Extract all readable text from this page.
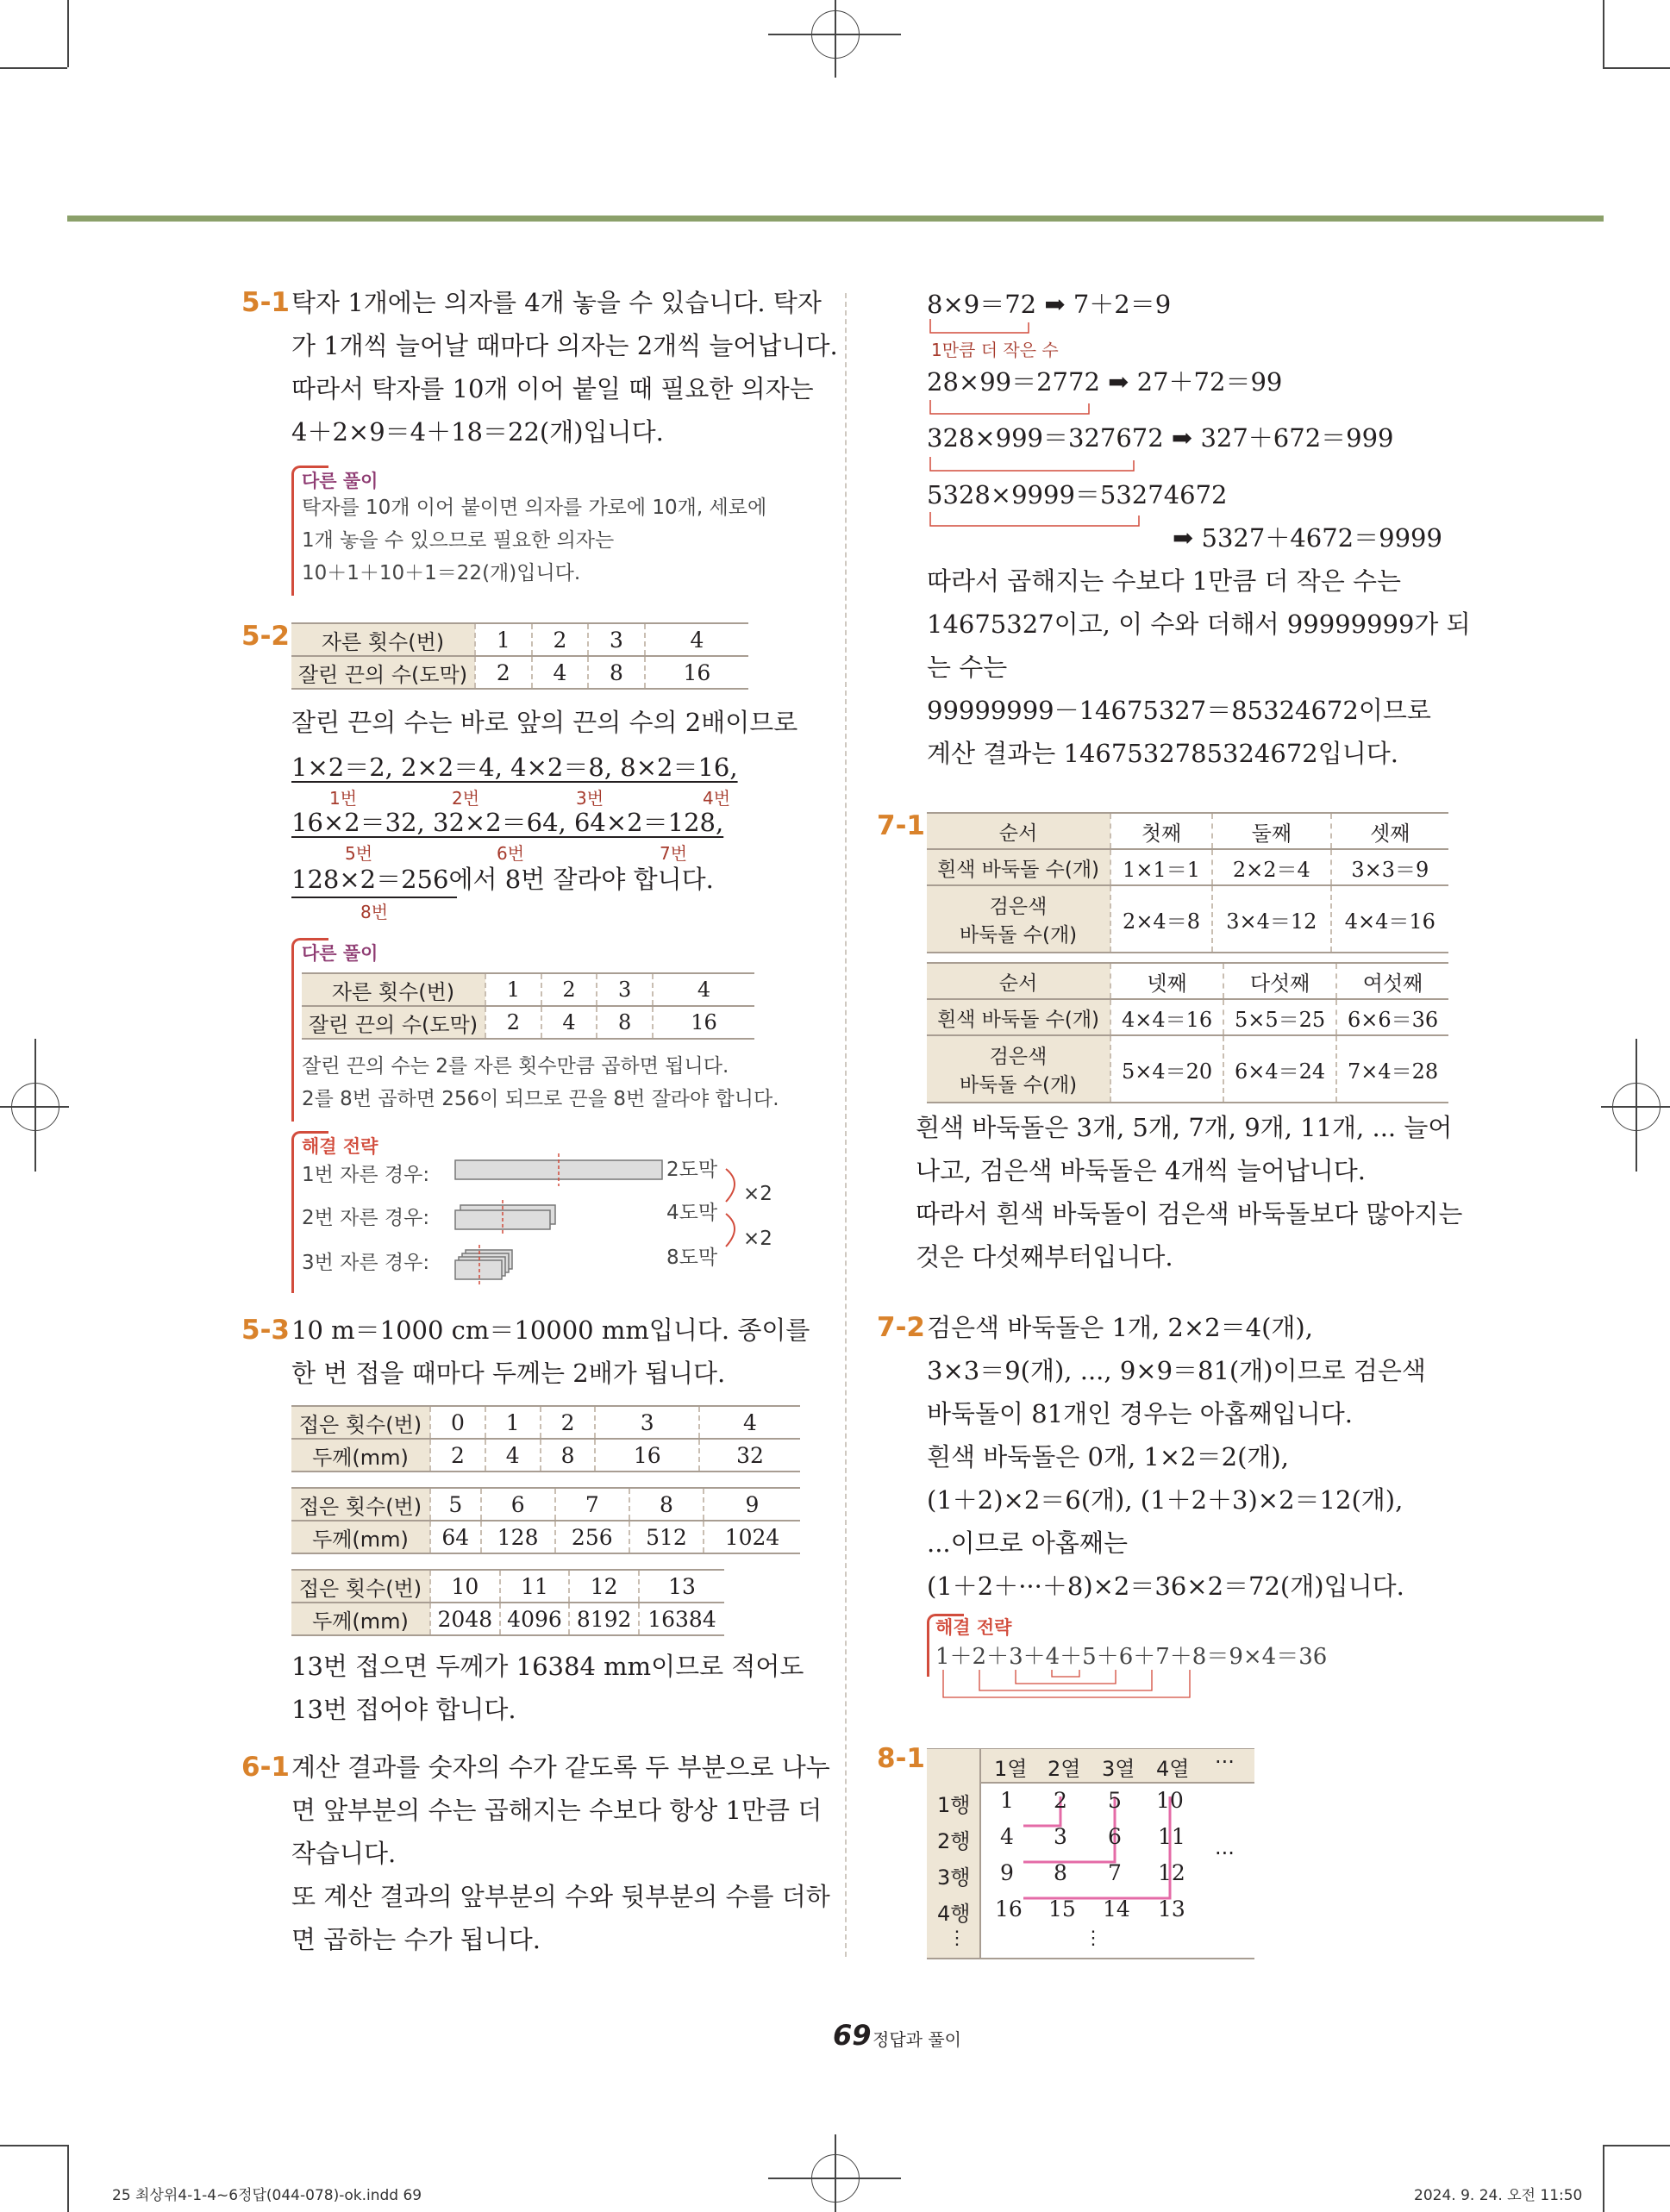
5-1 탁자 1개에는 의자를 4개 놓을 수 있습니다. 탁자
가 1개씩 늘어날 때마다 의자는 2개씩 늘어납니다.
따라서 탁자를 10개 이어 붙일 때 필요한 의자는
4＋2×9＝4＋18＝22(개)입니다.
다른 풀이
탁자를 10개 이어 붙이면 의자를 가로에 10개, 세로에
1개 놓을 수 있으므로 필요한 의자는
10＋1＋10＋1＝22(개)입니다.
5-2 자른 횟수(번)	1	2	3	4
잘린 끈의 수(도막)	2	4	8	16
잘린 끈의 수는 바로 앞의 끈의 수의 2배이므로
1×2＝2, 2×2＝4, 4×2＝8, 8×2＝16,
1번	2번	3번	4번
16×2＝32, 32×2＝64, 64×2＝128,
5번	6번	7번
128×2＝256에서 8번 잘라야 합니다.
8번
다른 풀이
자른 횟수(번)	1	2	3	4
잘린 끈의 수(도막)	2	4	8	16
잘린 끈의 수는 2를 자른 횟수만큼 곱하면 됩니다.
2를 8번 곱하면 256이 되므로 끈을 8번 잘라야 합니다.
해결 전략
1번 자른 경우:
2번 자른 경우:
3번 자른 경우:
2도막
4도막
8도막
×2
×2
5-3 10 m＝1000 cm＝10000 mm입니다. 종이를
한 번 접을 때마다 두께는 2배가 됩니다.
접은 횟수(번)	0	1	2	3	4
두께(mm)	2	4	8	16	32
접은 횟수(번)	5	6	7	8	9
두께(mm)	64	128	256	512	1024
접은 횟수(번)	10	11	12	13
두께(mm)	2048	4096	8192	16384
13번 접으면 두께가 16384 mm이므로 적어도
13번 접어야 합니다.
6-1 계산 결과를 숫자의 수가 같도록 두 부분으로 나누
면 앞부분의 수는 곱해지는 수보다 항상 1만큼 더
작습니다.
또 계산 결과의 앞부분의 수와 뒷부분의 수를 더하
면 곱하는 수가 됩니다.
8×9＝72 ➡ 7＋2＝9
1만큼 더 작은 수
28×99＝2772 ➡ 27＋72＝99
328×999＝327672 ➡ 327＋672＝999
5328×9999＝53274672
➡ 5327＋4672＝9999
따라서 곱해지는 수보다 1만큼 더 작은 수는
14675327이고, 이 수와 더해서 99999999가 되
는 수는
99999999－14675327＝85324672이므로
계산 결과는 1467532785324672입니다.
7-1	순서	첫째	둘째	셋째
흰색 바둑돌 수(개)	1×1＝1	2×2＝4	3×3＝9
검은색
바둑돌 수(개)	2×4＝8	3×4＝12	4×4＝16
순서	넷째	다섯째	여섯째
흰색 바둑돌 수(개)	4×4＝16	5×5＝25	6×6＝36
검은색
바둑돌 수(개)	5×4＝20	6×4＝24	7×4＝28
흰색 바둑돌은 3개, 5개, 7개, 9개, 11개, ... 늘어
나고, 검은색 바둑돌은 4개씩 늘어납니다.
따라서 흰색 바둑돌이 검은색 바둑돌보다 많아지는
것은 다섯째부터입니다.
7-2 검은색 바둑돌은 1개, 2×2＝4(개),
3×3＝9(개), ..., 9×9＝81(개)이므로 검은색
바둑돌이 81개인 경우는 아홉째입니다.
흰색 바둑돌은 0개, 1×2＝2(개),
(1＋2)×2＝6(개), (1＋2＋3)×2＝12(개),
...이므로 아홉째는
(1＋2＋···＋8)×2＝36×2＝72(개)입니다.
해결 전략
1＋2＋3＋4＋5＋6＋7＋8＝9×4＝36
8-1	1열 2열 3열 4열 ···
1행 1 2 5 10
2행 4 3 6 11
3행 9 8 7 12
4행 16 15 14 13
⋮	⋮
···
69 정답과 풀이
25 최상위4-1-4~6정답(044-078)-ok.indd 69	2024. 9. 24. 오전 11:50
